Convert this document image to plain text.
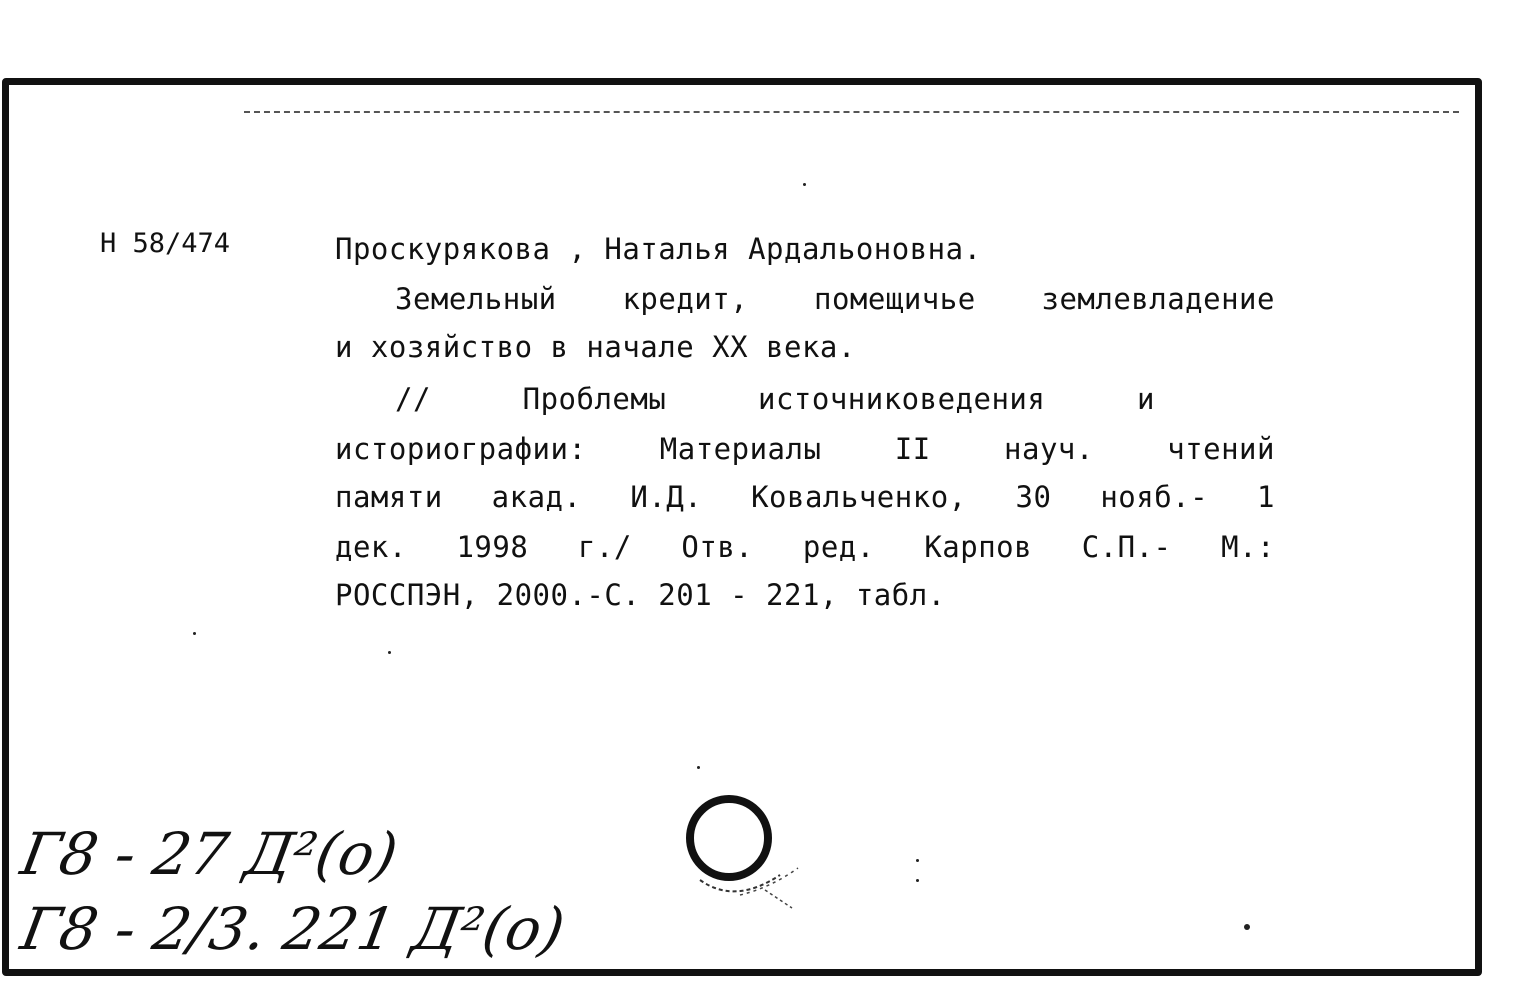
Н 58/474	Проскурякова , Наталья Ардальоновна.
Земельный кредит, помещичье землевладение
и хозяйство в начале XX века.
//	Проблемы	источниковедения	и
историографии:	Материалы	II	науч.	чтений
памяти акад. И.Д. Ковальченко, 30 нояб.- 1
дек. 1998 г./ Отв. ред. Карпов С.П.- М.:
РОССПЭН, 2000.-С. 201 - 221, табл.
Г8 - 27 Д²(о)
Г8 - 2/3. 221 Д²(о)
